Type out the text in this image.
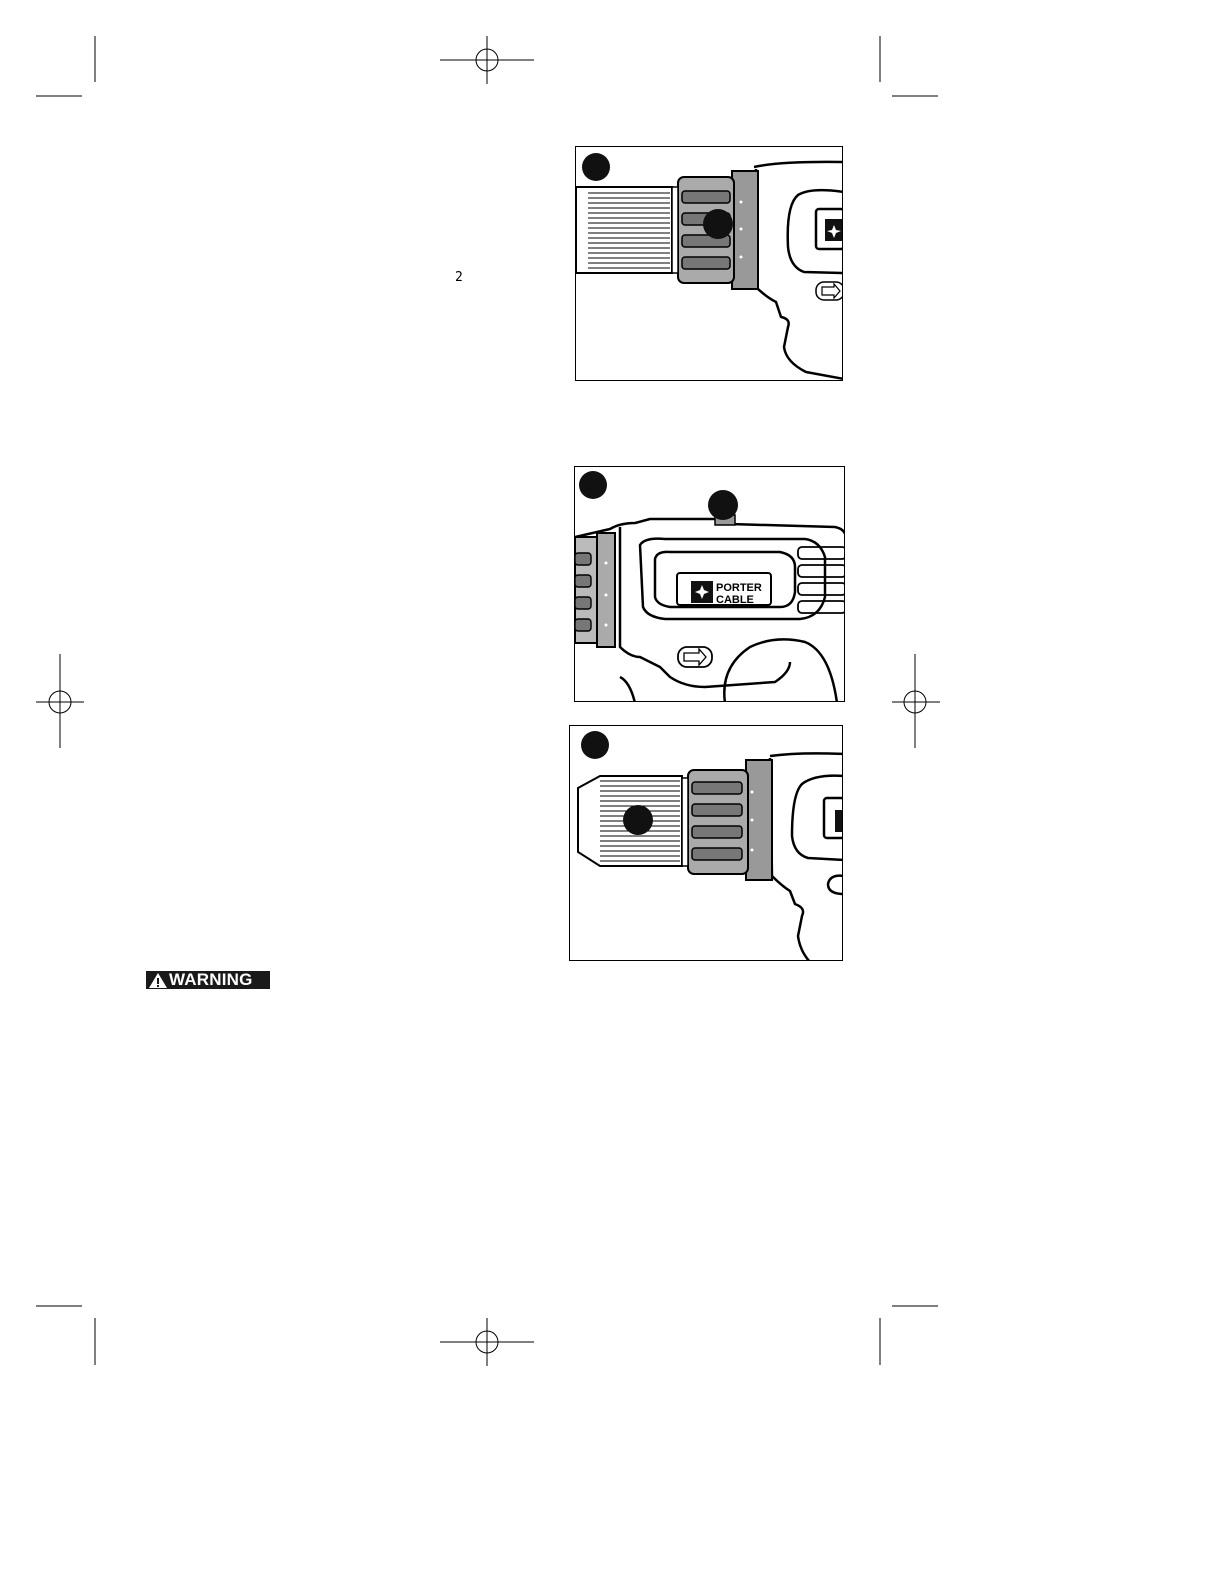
2
PORTER
CABLE
WARNING
